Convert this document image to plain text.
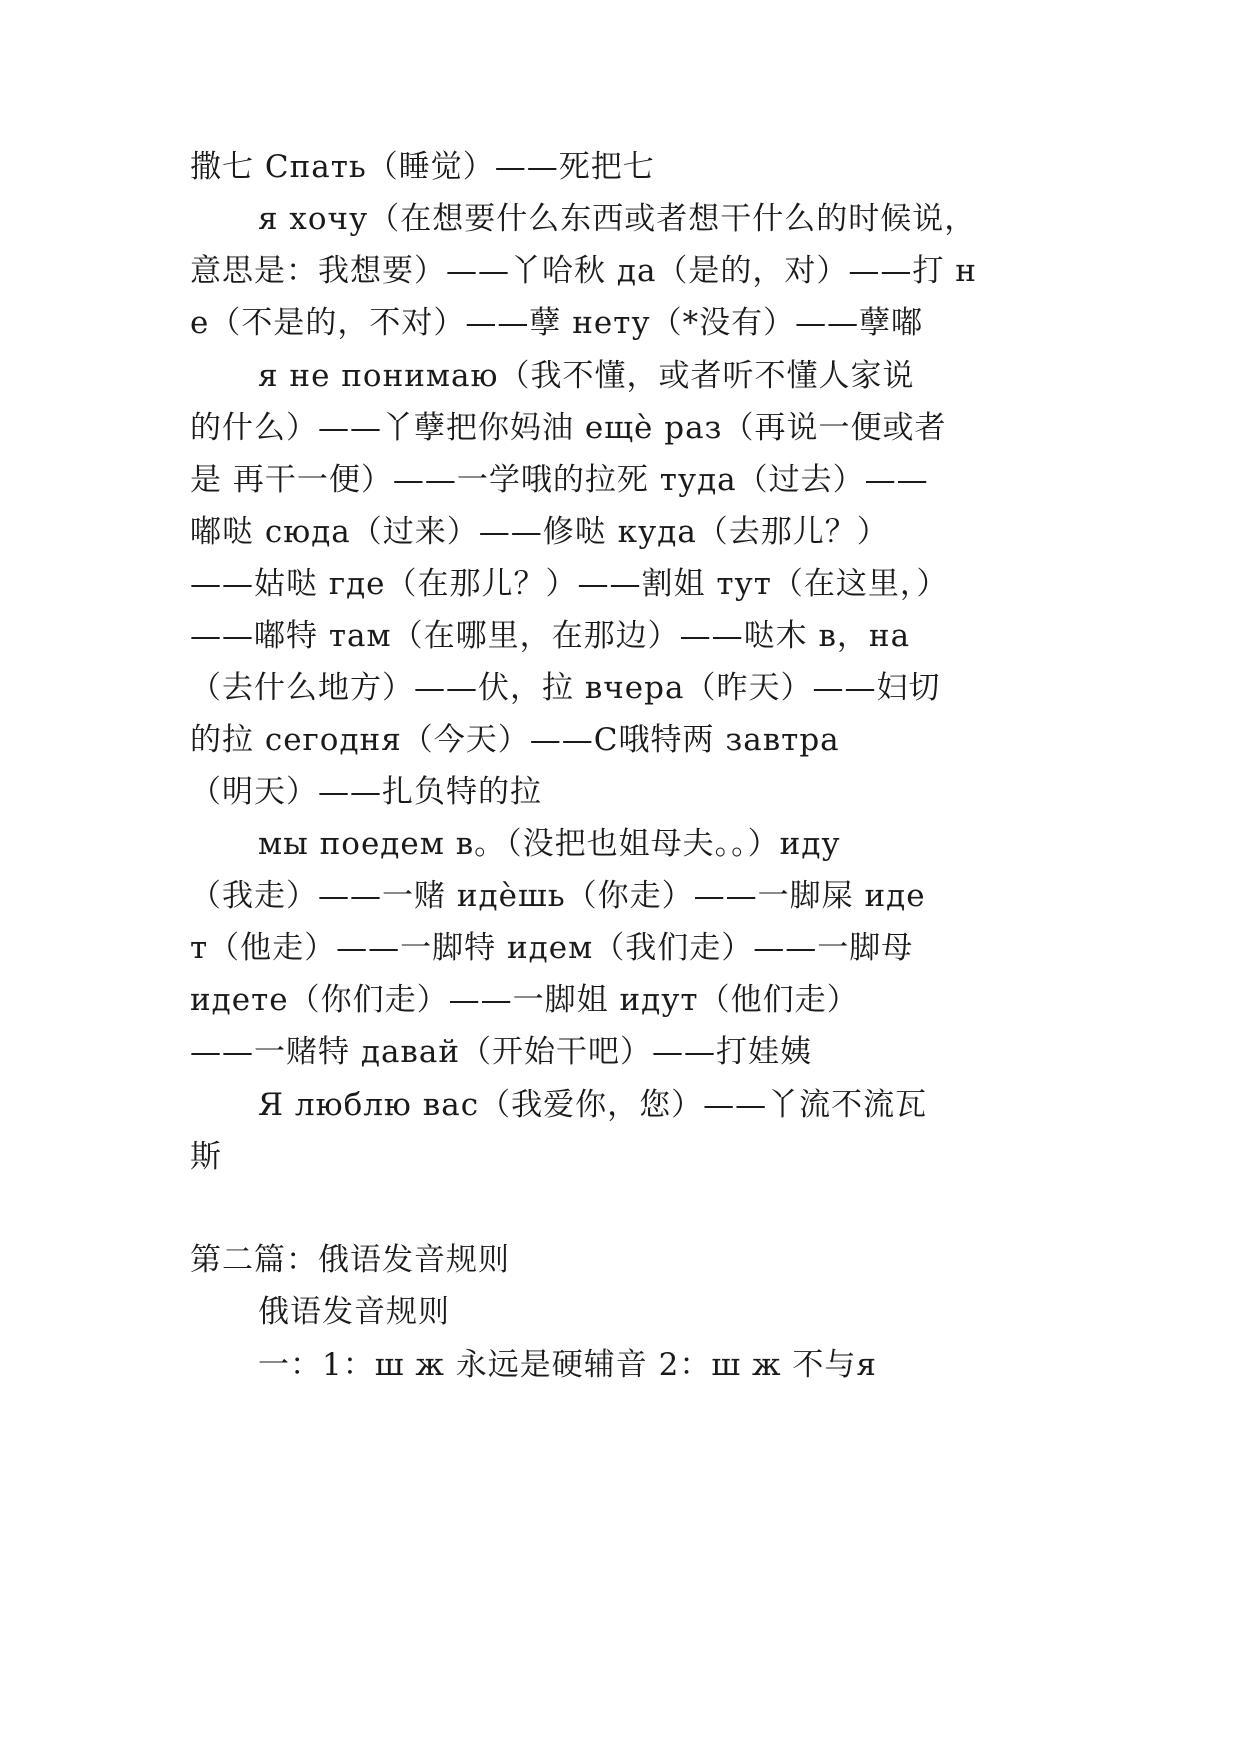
撒七 Спать（睡觉）——死把七
я хочу（在想要什么东西或者想干什么的时候说，
意思是：我想要）——丫哈秋 да（是的，对）——打 н
е（不是的，不对）——孽 нету（*没有）——孽嘟
я не понимаю（我不懂，或者听不懂人家说
的什么）——丫孽把你妈油 ещè раз（再说一便或者
是 再干一便）——一学哦的拉死 туда（过去）——
嘟哒 сюда（过来）——修哒 куда（去那儿？）
——姑哒 где（在那儿？）——割姐 тут（在这里，）
——嘟特 там（在哪里，在那边）——哒木 в，на
（去什么地方）——伏，拉 вчера（昨天）——妇切
的拉 сегодня（今天）——С哦特两 завтра
（明天）——扎负特的拉
мы поедем в。（没把也姐母夫。。）иду
（我走）——一赌 идèшь（你走）——一脚屎 иде
т（他走）——一脚特 идем（我们走）——一脚母
идете（你们走）——一脚姐 идут（他们走）
——一赌特 давай（开始干吧）——打娃姨
Я люблю вас（我爱你，您）——丫流不流瓦
斯
第二篇：俄语发音规则
俄语发音规则
一：1：ш ж 永远是硬辅音 2：ш ж 不与я
